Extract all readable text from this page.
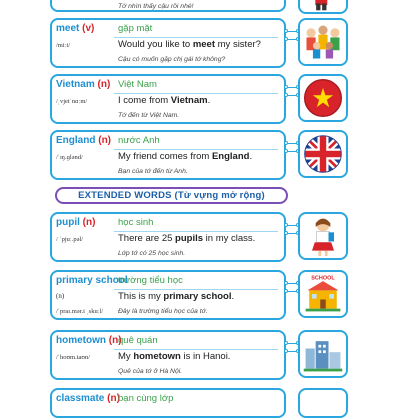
Tớ nhìn thấy cậu rồi nhé!
meet (v)
/miːt/
gặp mặt
Would you like to meet my sister?
Cậu có muốn gặp chị gái tớ không?
Vietnam (n)
/ˌvjetˈnɑːm/
Việt Nam
I come from Vietnam.
Tớ đến từ Việt Nam.
England (n)
/ˈɪŋ.ɡlənd/
nước Anh
My friend comes from England.
Bạn của tớ đến từ Anh.
EXTENDED WORDS (Từ vựng mở rộng)
pupil (n)
/ ˈpjuː.pəl/
học sinh
There are 25 pupils in my class.
Lớp tớ có 25 học sinh.
primary school
(n)
/ˈpraɪ.mər.i ˌskuːl/
trường tiểu học
This is my primary school.
Đây là trường tiểu học của tớ.
SCHOOL
hometown (n)
/ˈhoʊm.taʊn/
quê quán
My hometown is in Hanoi.
Quê của tớ ở Hà Nội.
classmate (n)
bạn cùng lớp
